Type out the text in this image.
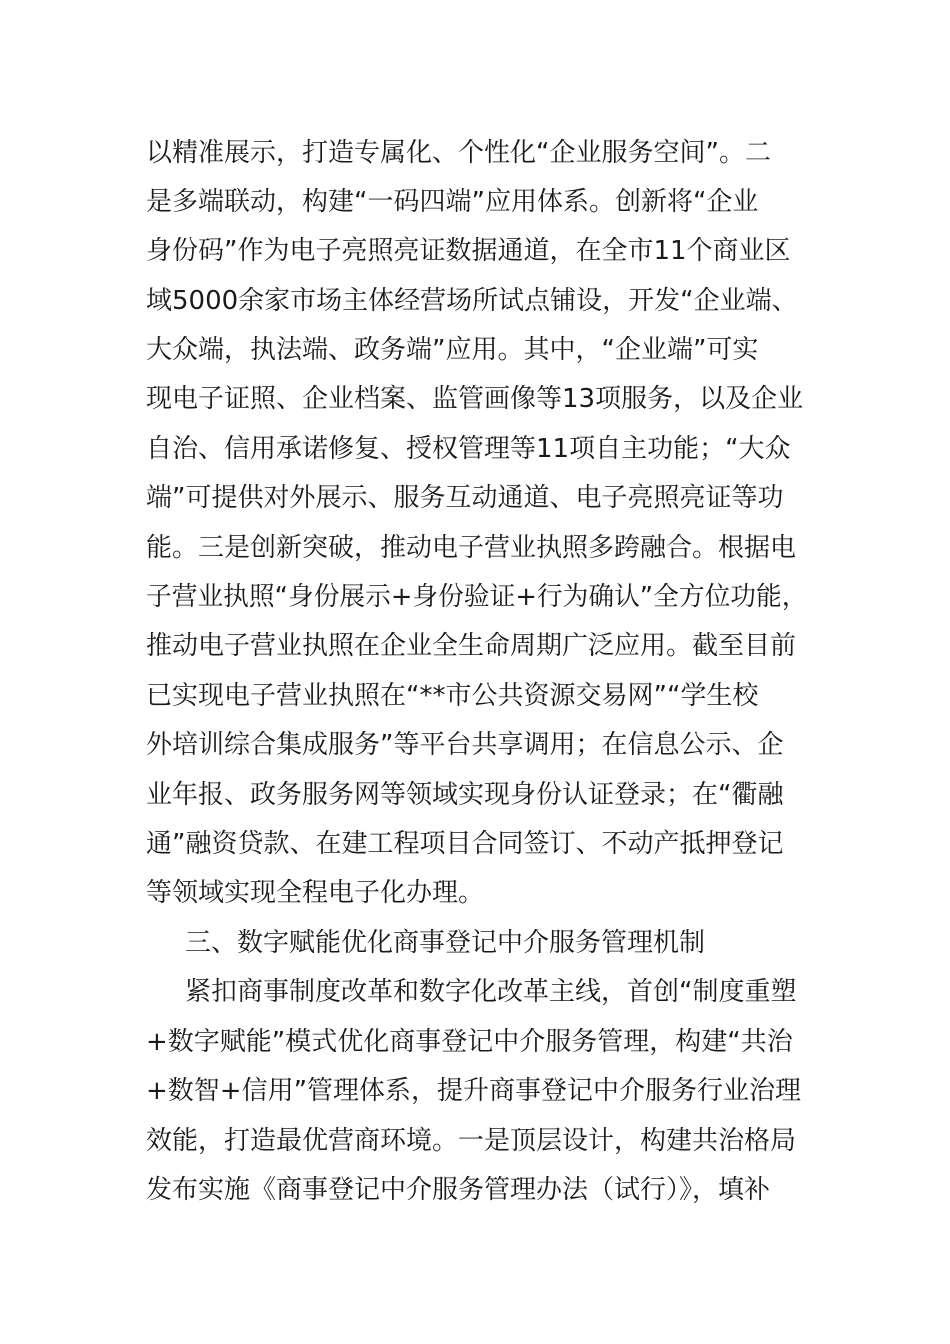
以精准展示，打造专属化、个性化“企业服务空间”。二
是多端联动，构建“一码四端”应用体系。创新将“企业
身份码”作为电子亮照亮证数据通道，在全市11个商业区
域5000余家市场主体经营场所试点铺设，开发“企业端、
大众端，执法端、政务端”应用。其中，“企业端”可实
现电子证照、企业档案、监管画像等13项服务，以及企业
自治、信用承诺修复、授权管理等11项自主功能；“大众
端”可提供对外展示、服务互动通道、电子亮照亮证等功
能。三是创新突破，推动电子营业执照多跨融合。根据电
子营业执照“身份展示+身份验证+行为确认”全方位功能，
推动电子营业执照在企业全生命周期广泛应用。截至目前
已实现电子营业执照在“**市公共资源交易网”“学生校
外培训综合集成服务”等平台共享调用；在信息公示、企
业年报、政务服务网等领域实现身份认证登录；在“衢融
通”融资贷款、在建工程项目合同签订、不动产抵押登记
等领域实现全程电子化办理。
三、数字赋能优化商事登记中介服务管理机制
紧扣商事制度改革和数字化改革主线，首创“制度重塑
+数字赋能”模式优化商事登记中介服务管理，构建“共治
+数智+信用”管理体系，提升商事登记中介服务行业治理
效能，打造最优营商环境。一是顶层设计，构建共治格局
发布实施《商事登记中介服务管理办法（试行）》，填补
